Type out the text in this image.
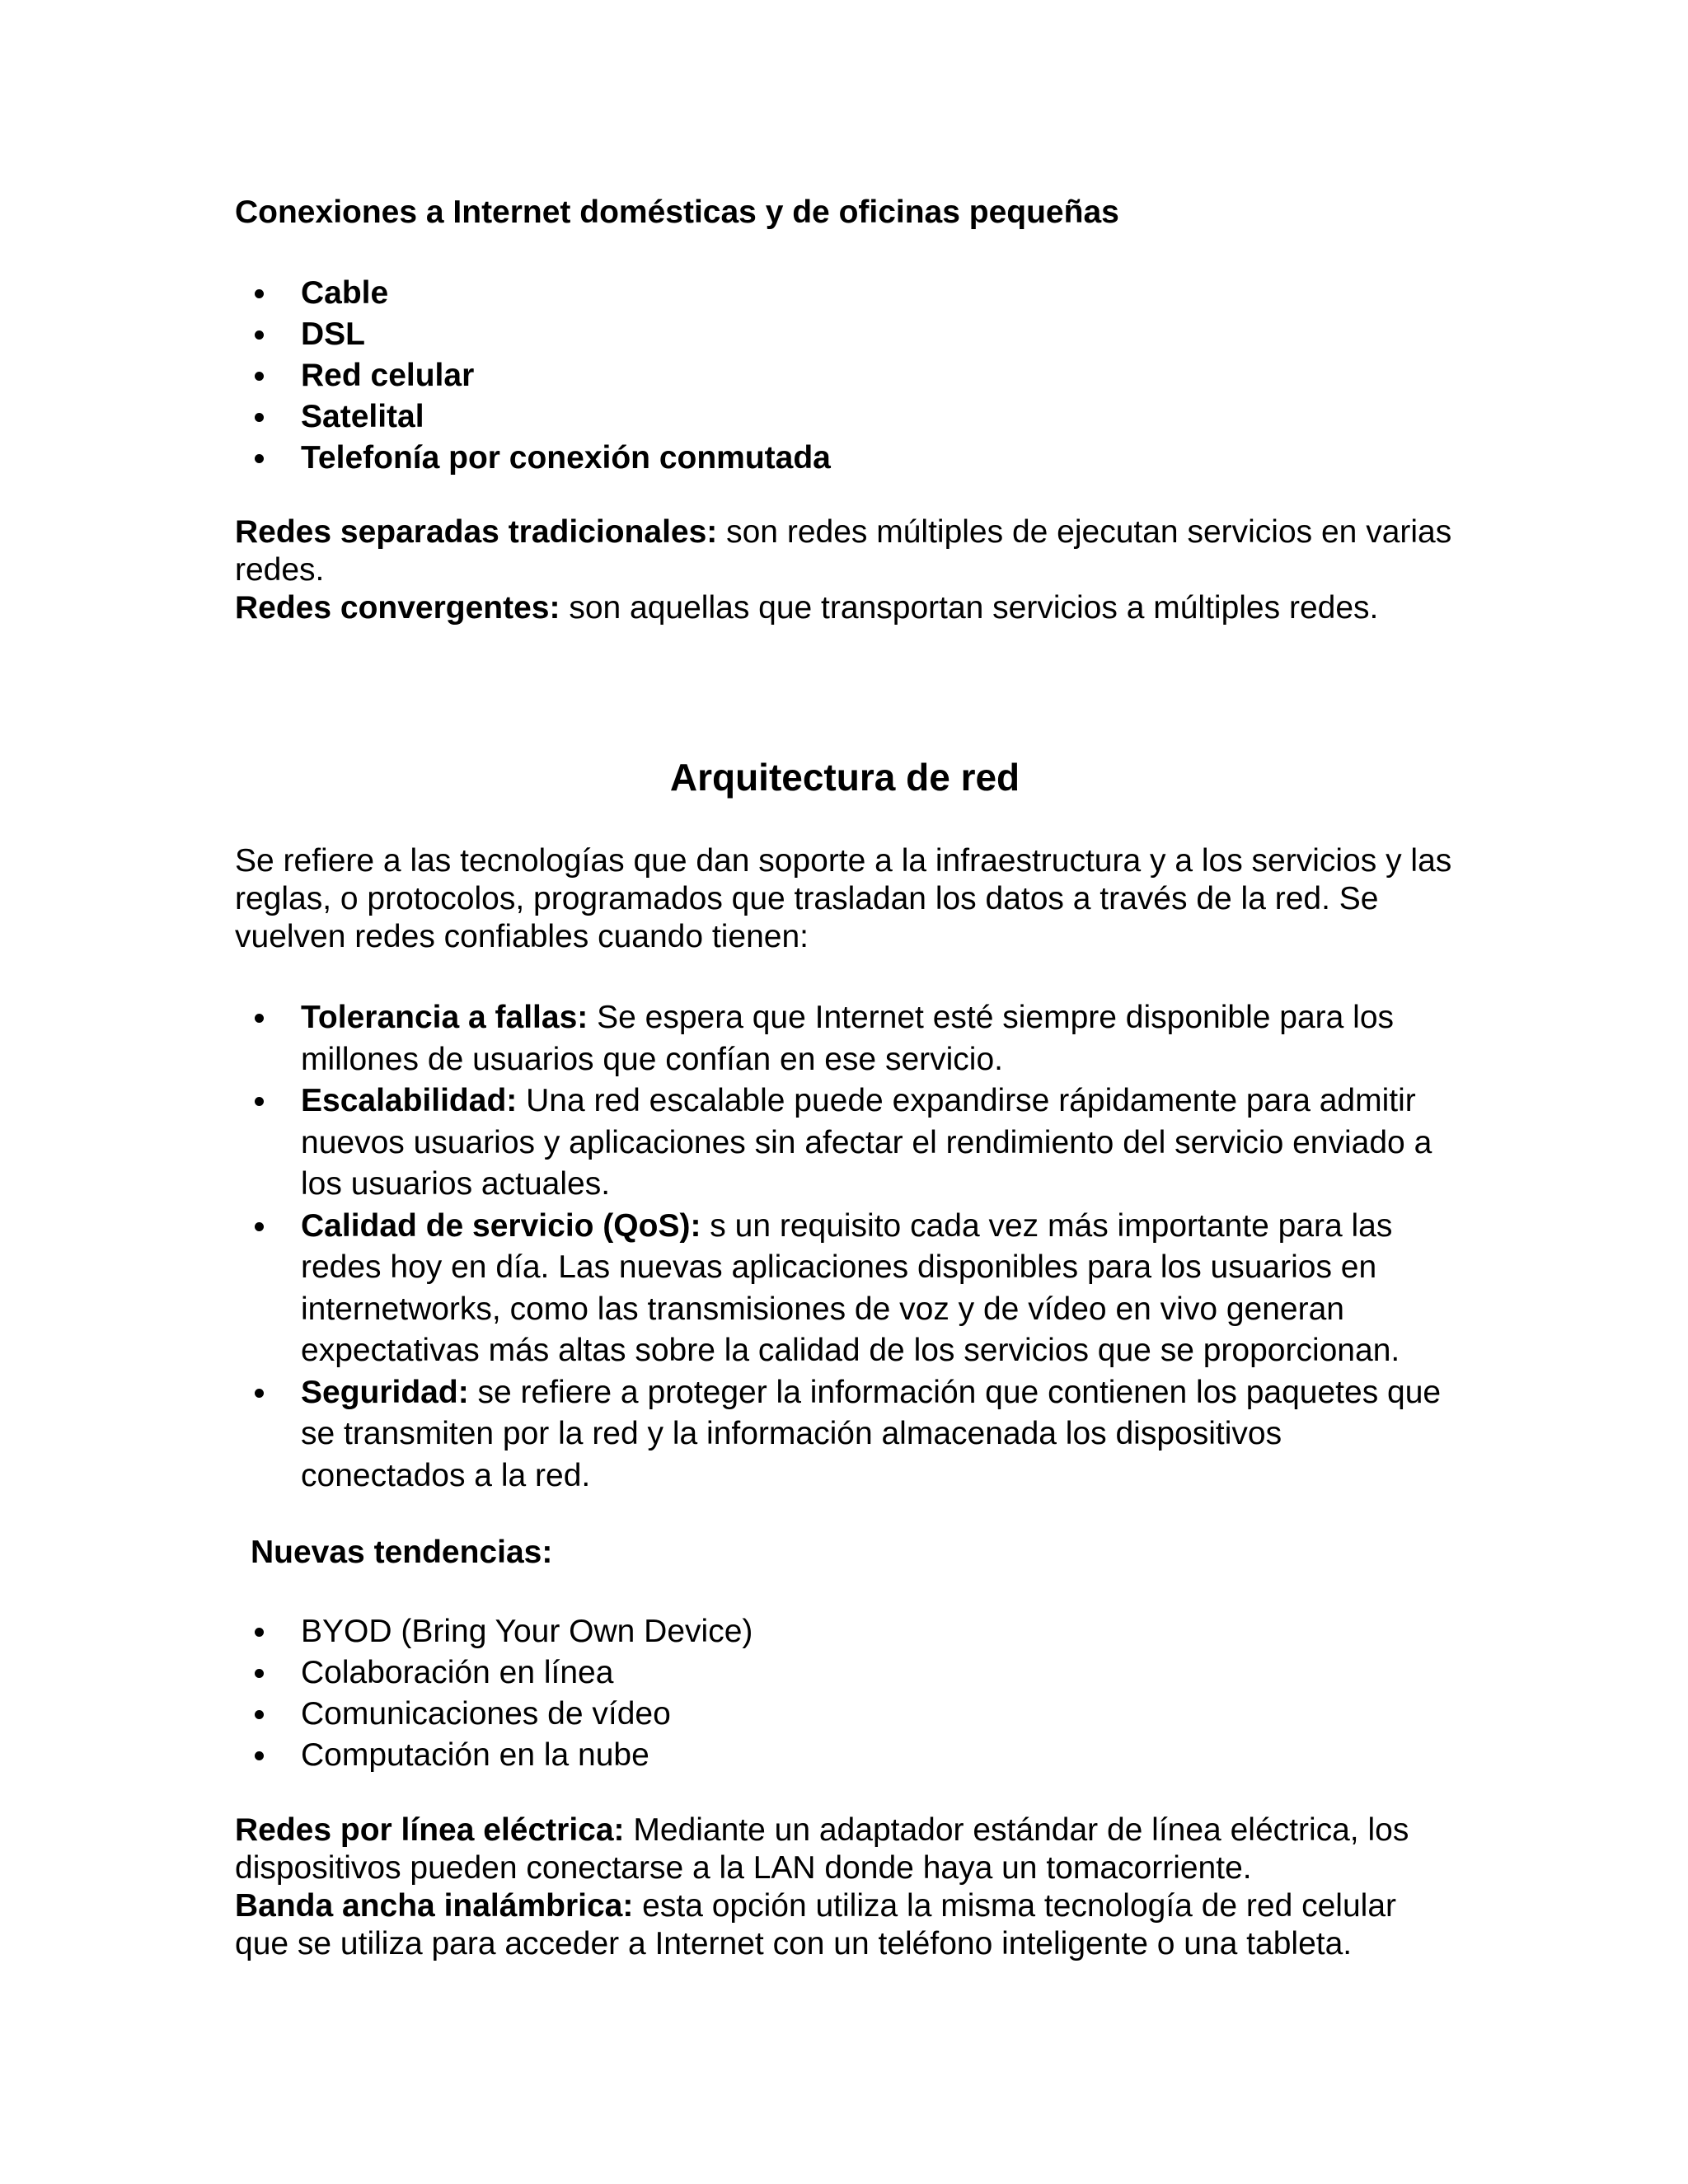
Conexiones a Internet domésticas y de oficinas pequeñas
Cable
DSL
Red celular
Satelital
Telefonía por conexión conmutada

Redes separadas tradicionales: son redes múltiples de ejecutan servicios en varias redes.

Redes convergentes: son aquellas que transportan servicios a múltiples redes.

Arquitectura de red

Se refiere a las tecnologías que dan soporte a la infraestructura y a los servicios y las reglas, o protocolos, programados que trasladan los datos a través de la red. Se vuelven redes confiables cuando tienen:

Tolerancia a fallas: Se espera que Internet esté siempre disponible para los millones de usuarios que confían en ese servicio.
Escalabilidad: Una red escalable puede expandirse rápidamente para admitir nuevos usuarios y aplicaciones sin afectar el rendimiento del servicio enviado a los usuarios actuales.
Calidad de servicio (QoS): s un requisito cada vez más importante para las redes hoy en día. Las nuevas aplicaciones disponibles para los usuarios en internetworks, como las transmisiones de voz y de vídeo en vivo generan expectativas más altas sobre la calidad de los servicios que se proporcionan.
Seguridad: se refiere a proteger la información que contienen los paquetes que se transmiten por la red y la información almacenada los dispositivos conectados a la red.
Nuevas tendencias:
BYOD (Bring Your Own Device)
Colaboración en línea
Comunicaciones de vídeo
Computación en la nube

Redes por línea eléctrica: Mediante un adaptador estándar de línea eléctrica, los dispositivos pueden conectarse a la LAN donde haya un tomacorriente.

Banda ancha inalámbrica: esta opción utiliza la misma tecnología de red celular que se utiliza para acceder a Internet con un teléfono inteligente o una tableta.
